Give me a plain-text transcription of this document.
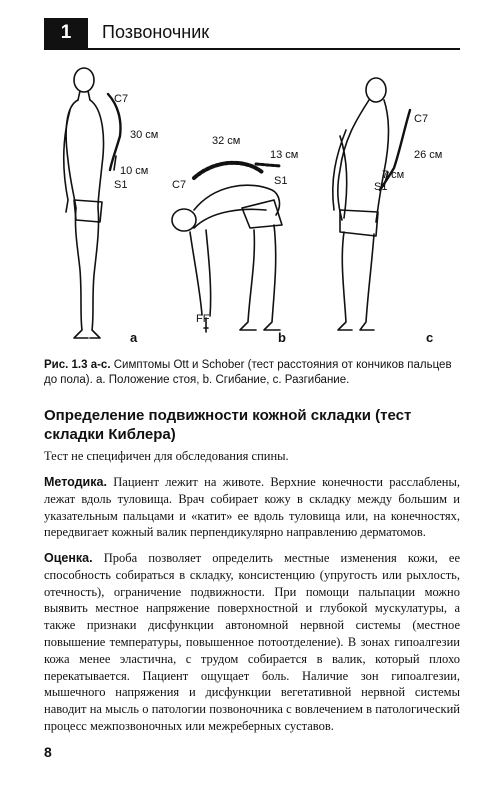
1	Позвоночник
C7
30 см
10 см
S1
a
32 см
13 см
C7	S1
FF
b
C7
26 см
7 см
S1
c
Рис. 1.3 а-с. Симптомы Ott и Schober (тест расстояния от кончиков пальцев до пола). а. Положение стоя, b. Сгибание, с. Разгибание.
Определение подвижности кожной складки (тест складки Киблера)
Тест не специфичен для обследования спины.
Методика. Пациент лежит на животе. Верхние конечности расслаблены, лежат вдоль туловища. Врач собирает кожу в складку между большим и указательным пальцами и «катит» ее вдоль туловища или, на конечностях, передвигает кожный валик перпендикулярно направлению дерматомов.
Оценка. Проба позволяет определить местные изменения кожи, ее способность собираться в складку, консистенцию (упругость или рыхлость, отечность), ограничение подвижности. При помощи пальпации можно выявить местное напряжение поверхностной и глубокой мускулатуры, а также признаки дисфункции автономной нервной системы (местное повышение температуры, повышенное потоотделение). В зонах гипоалгезии кожа менее эластична, с трудом собирается в валик, который плохо перекатывается. Пациент ощущает боль. Наличие зон гипоалгезии, мышечного напряжения и дисфункции вегетативной нервной системы наводит на мысль о патологии позвоночника с вовлечением в патологический процесс межпозвоночных или межреберных суставов.
8
